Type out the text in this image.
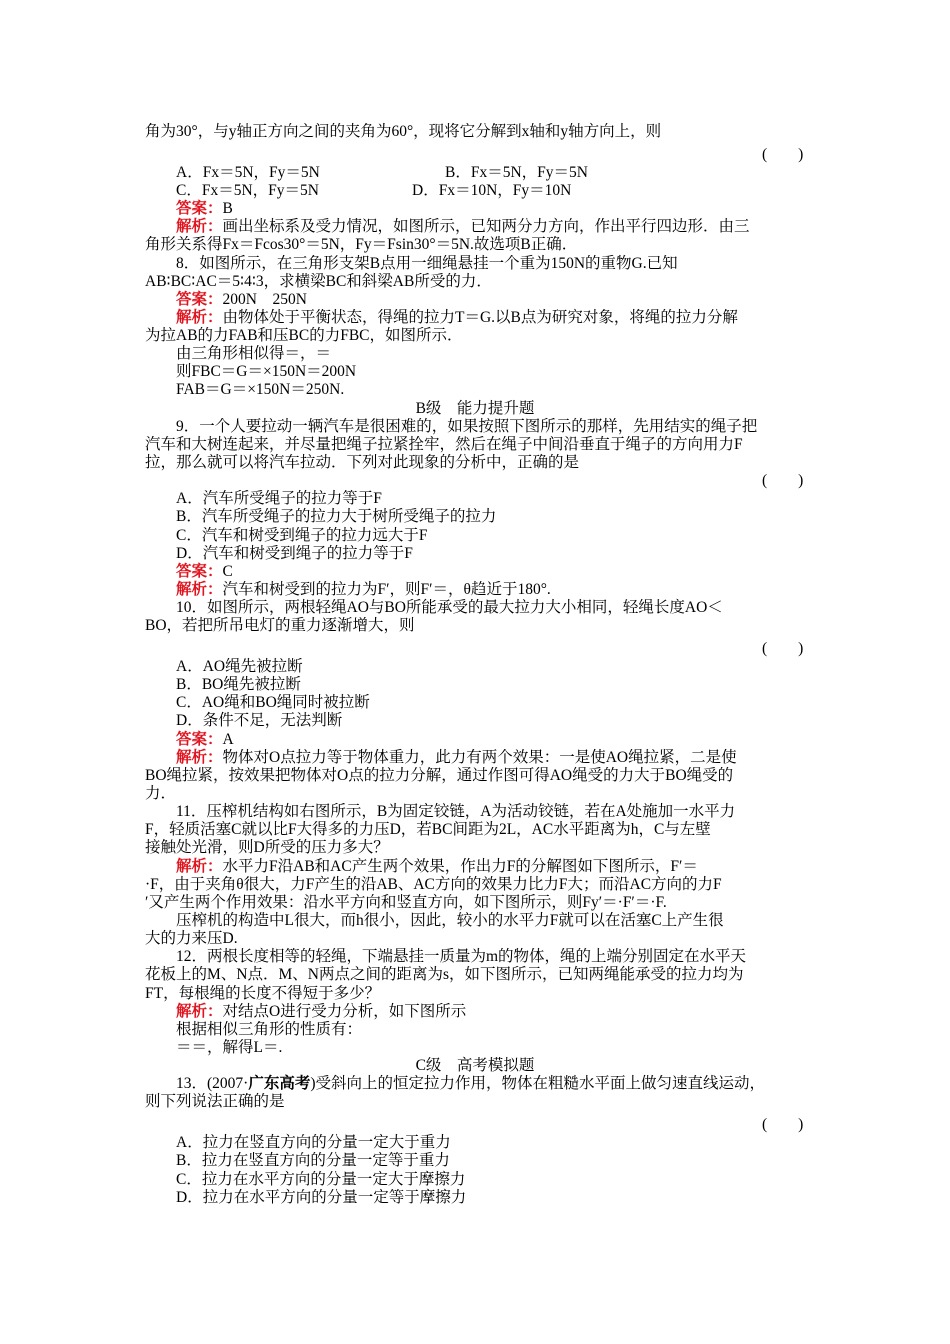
角为30°，与y轴正方向之间的夹角为60°，现将它分解到x轴和y轴方向上，则
(        )
A．Fx＝5N，Fy＝5N	B．Fx＝5N，Fy＝5N
C．Fx＝5N，Fy＝5N	D．Fx＝10N，Fy＝10N
答案：B
解析：画出坐标系及受力情况，如图所示，已知两分力方向，作出平行四边形．由三
角形关系得Fx＝Fcos30°＝5N，Fy＝Fsin30°＝5N.故选项B正确．
8．如图所示，在三角形支架B点用一细绳悬挂一个重为150N的重物G.已知
AB∶BC∶AC＝5∶4∶3，求横梁BC和斜梁AB所受的力．
答案：200N　250N
解析：由物体处于平衡状态，得绳的拉力T＝G.以B点为研究对象，将绳的拉力分解
为拉AB的力FAB和压BC的力FBC，如图所示．
由三角形相似得＝，＝
则FBC＝G＝×150N＝200N
FAB＝G＝×150N＝250N.
B级　能力提升题
9．一个人要拉动一辆汽车是很困难的，如果按照下图所示的那样，先用结实的绳子把
汽车和大树连起来，并尽量把绳子拉紧拴牢，然后在绳子中间沿垂直于绳子的方向用力F
拉，那么就可以将汽车拉动．下列对此现象的分析中，正确的是
(        )
A．汽车所受绳子的拉力等于F
B．汽车所受绳子的拉力大于树所受绳子的拉力
C．汽车和树受到绳子的拉力远大于F
D．汽车和树受到绳子的拉力等于F
答案：C
解析：汽车和树受到的拉力为F′，则F′＝，θ趋近于180°.
10．如图所示，两根轻绳AO与BO所能承受的最大拉力大小相同，轻绳长度AO＜
BO，若把所吊电灯的重力逐渐增大，则
(        )
A．AO绳先被拉断
B．BO绳先被拉断
C．AO绳和BO绳同时被拉断
D．条件不足，无法判断
答案：A
解析：物体对O点拉力等于物体重力，此力有两个效果：一是使AO绳拉紧，二是使
BO绳拉紧，按效果把物体对O点的拉力分解，通过作图可得AO绳受的力大于BO绳受的
力．
11．压榨机结构如右图所示，B为固定铰链，A为活动铰链，若在A处施加一水平力
F，轻质活塞C就以比F大得多的力压D，若BC间距为2L，AC水平距离为h，C与左壁
接触处光滑，则D所受的压力多大？
解析：水平力F沿AB和AC产生两个效果，作出力F的分解图如下图所示，F′＝
·F，由于夹角θ很大，力F产生的沿AB、AC方向的效果力比力F大；而沿AC方向的力F
′又产生两个作用效果：沿水平方向和竖直方向，如下图所示，则Fy′＝·F′＝·F.
压榨机的构造中L很大，而h很小，因此，较小的水平力F就可以在活塞C上产生很
大的力来压D.
12．两根长度相等的轻绳，下端悬挂一质量为m的物体，绳的上端分别固定在水平天
花板上的M、N点．M、N两点之间的距离为s，如下图所示，已知两绳能承受的拉力均为
FT，每根绳的长度不得短于多少？
解析：对结点O进行受力分析，如下图所示
根据相似三角形的性质有：
＝＝，解得L＝.
C级　高考模拟题
13．(2007·广东高考)受斜向上的恒定拉力作用，物体在粗糙水平面上做匀速直线运动，
则下列说法正确的是
(        )
A．拉力在竖直方向的分量一定大于重力
B．拉力在竖直方向的分量一定等于重力
C．拉力在水平方向的分量一定大于摩擦力
D．拉力在水平方向的分量一定等于摩擦力
